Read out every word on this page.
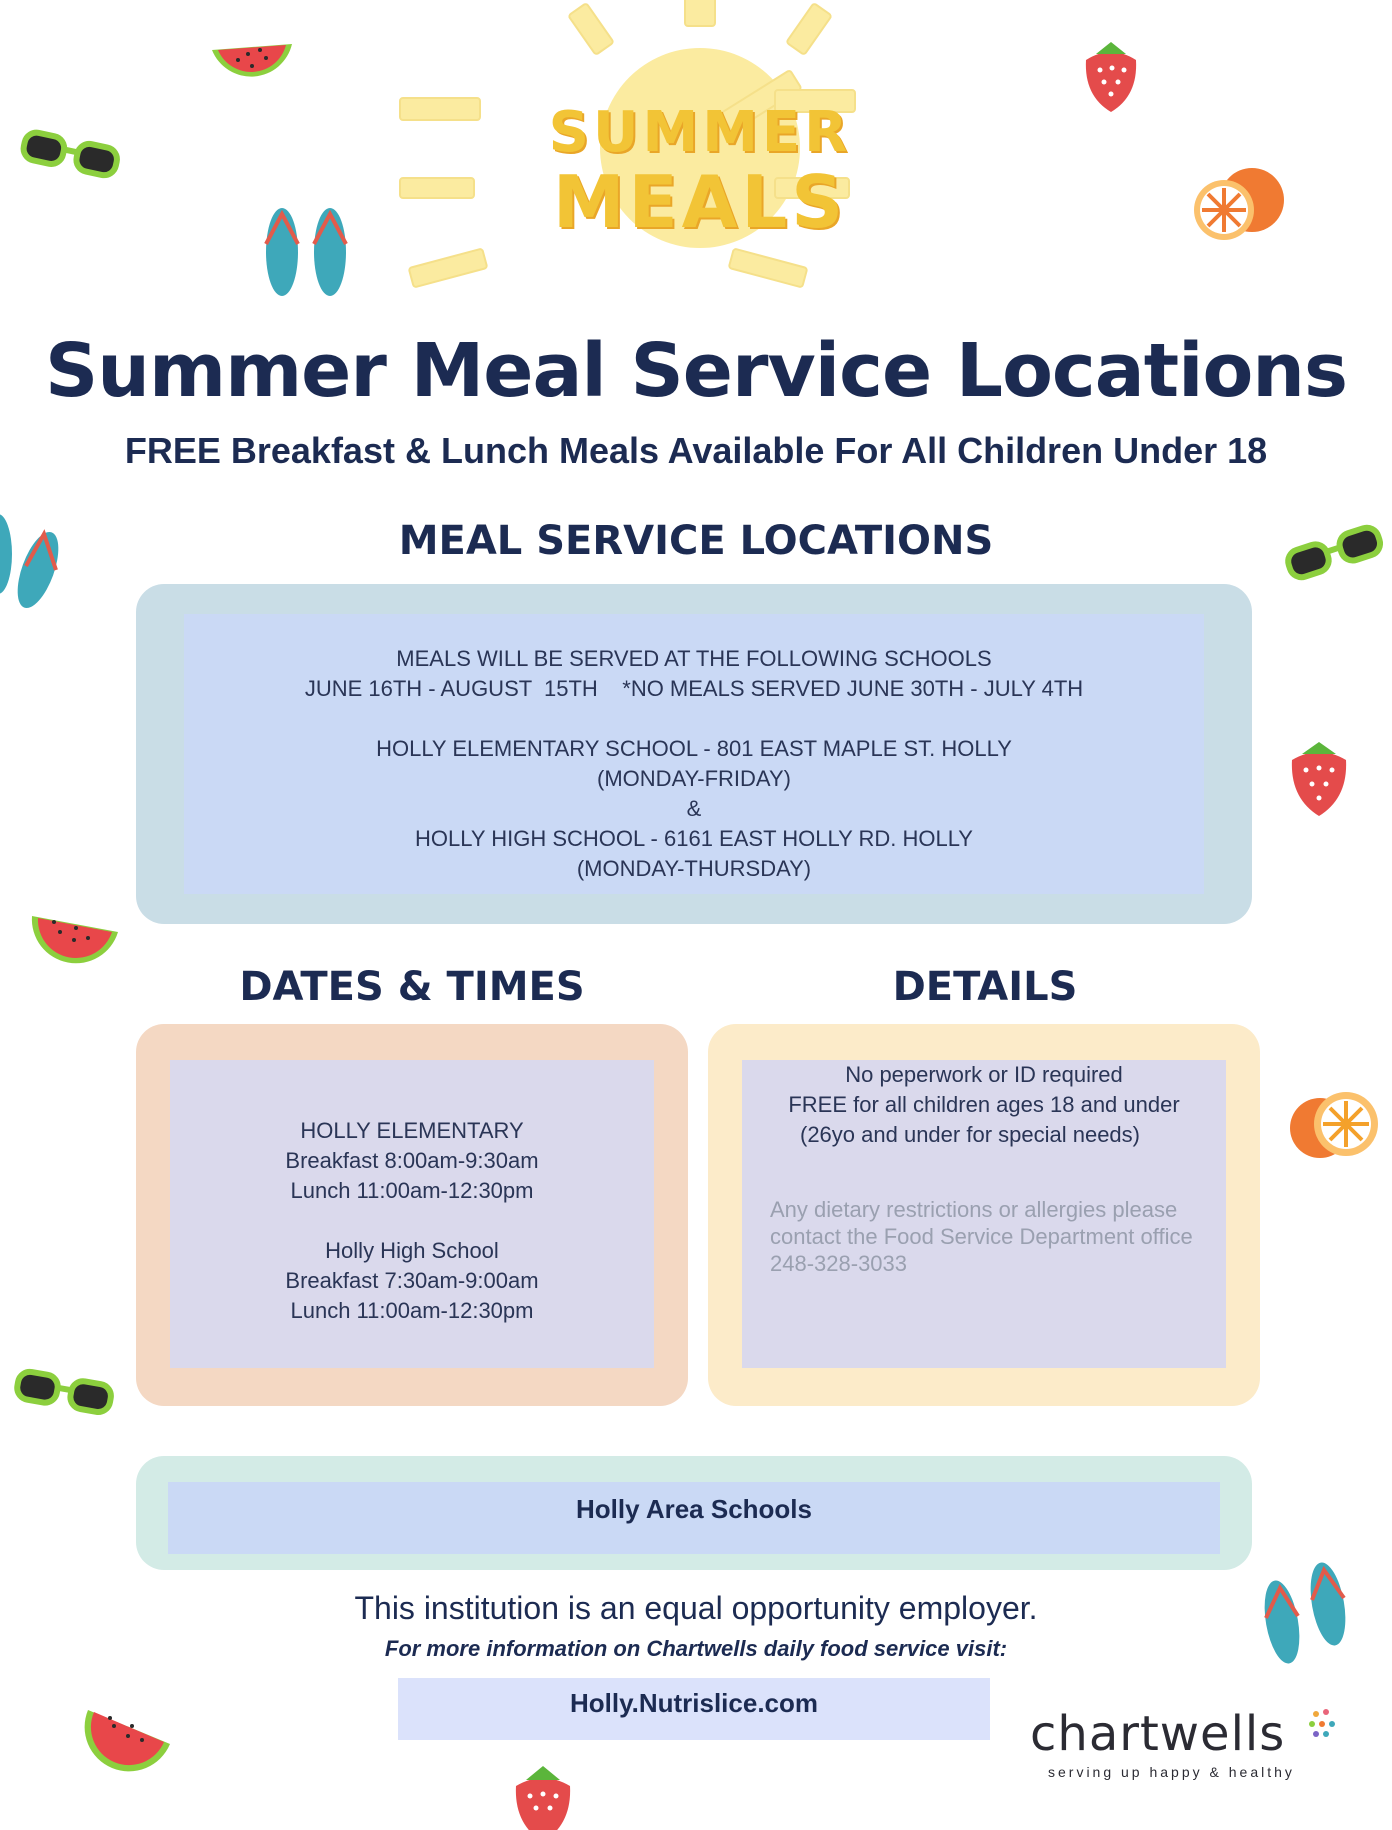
SUMMER
MEALS
Summer Meal Service Locations
FREE Breakfast & Lunch Meals Available For All Children Under 18
MEAL SERVICE LOCATIONS
MEALS WILL BE SERVED AT THE FOLLOWING SCHOOLS
JUNE 16TH - AUGUST  15TH    *NO MEALS SERVED JUNE 30TH - JULY 4TH
HOLLY ELEMENTARY SCHOOL - 801 EAST MAPLE ST. HOLLY
(MONDAY-FRIDAY)
&
HOLLY HIGH SCHOOL - 6161 EAST HOLLY RD. HOLLY
(MONDAY-THURSDAY)
DATES & TIMES	DETAILS
HOLLY ELEMENTARY
Breakfast 8:00am-9:30am
Lunch 11:00am-12:30pm
Holly High School
Breakfast 7:30am-9:00am
Lunch 11:00am-12:30pm
No peperwork or ID required
FREE for all children ages 18 and under
(26yo and under for special needs)
Any dietary restrictions or allergies please
contact the Food Service Department office
248-328-3033
Holly Area Schools
This institution is an equal opportunity employer.
For more information on Chartwells daily food service visit:
Holly.Nutrislice.com
chartwells
serving up happy & healthy
